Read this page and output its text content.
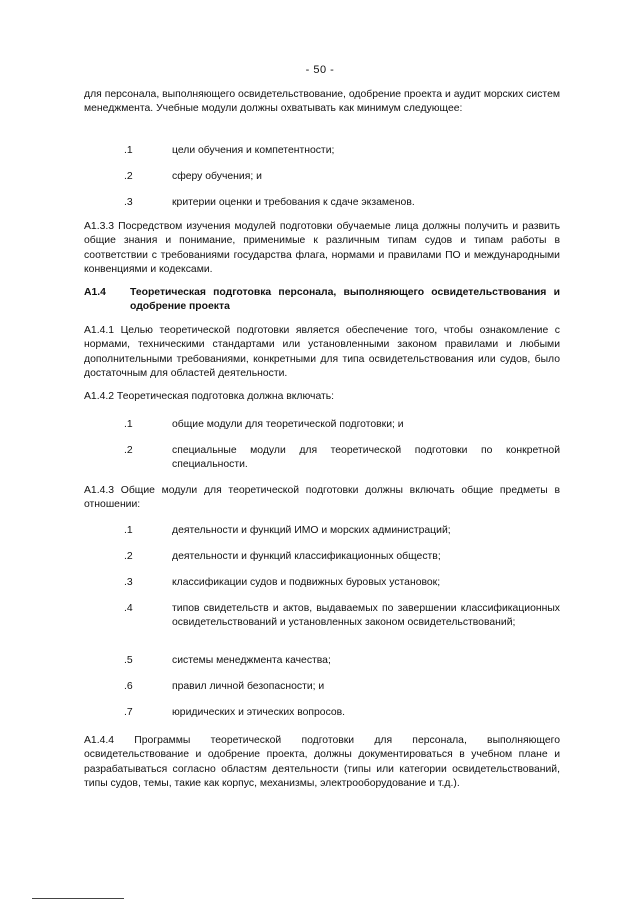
- 50 -
для персонала, выполняющего освидетельствование, одобрение проекта и аудит морских систем менеджмента. Учебные модули должны охватывать как минимум следующее:
.1	цели обучения и компетентности;
.2	сферу обучения; и
.3	критерии оценки и требования к сдаче экзаменов.
А1.3.3 Посредством изучения модулей подготовки обучаемые лица должны получить и развить общие знания и понимание, применимые к различным типам судов и типам работы в соответствии с требованиями государства флага, нормами и правилами ПО и международными конвенциями и кодексами.
А1.4 Теоретическая подготовка персонала, выполняющего освидетельствования и одобрение проекта
А1.4.1 Целью теоретической подготовки является обеспечение того, чтобы ознакомление с нормами, техническими стандартами или установленными законом правилами и любыми дополнительными требованиями, конкретными для типа освидетельствования или судов, было достаточным для областей деятельности.
А1.4.2 Теоретическая подготовка должна включать:
.1	общие модули для теоретической подготовки; и
.2	специальные модули для теоретической подготовки по конкретной специальности.
А1.4.3 Общие модули для теоретической подготовки должны включать общие предметы в отношении:
.1	деятельности и функций ИМО и морских администраций;
.2	деятельности и функций классификационных обществ;
.3	классификации судов и подвижных буровых установок;
.4	типов свидетельств и актов, выдаваемых по завершении классификационных освидетельствований и установленных законом освидетельствований;
.5	системы менеджмента качества;
.6	правил личной безопасности; и
.7	юридических и этических вопросов.
А1.4.4 Программы теоретической подготовки для персонала, выполняющего освидетельствование и одобрение проекта, должны документироваться в учебном плане и разрабатываться согласно областям деятельности (типы или категории освидетельствований, типы судов, темы, такие как корпус, механизмы, электрооборудование и т.д.).
